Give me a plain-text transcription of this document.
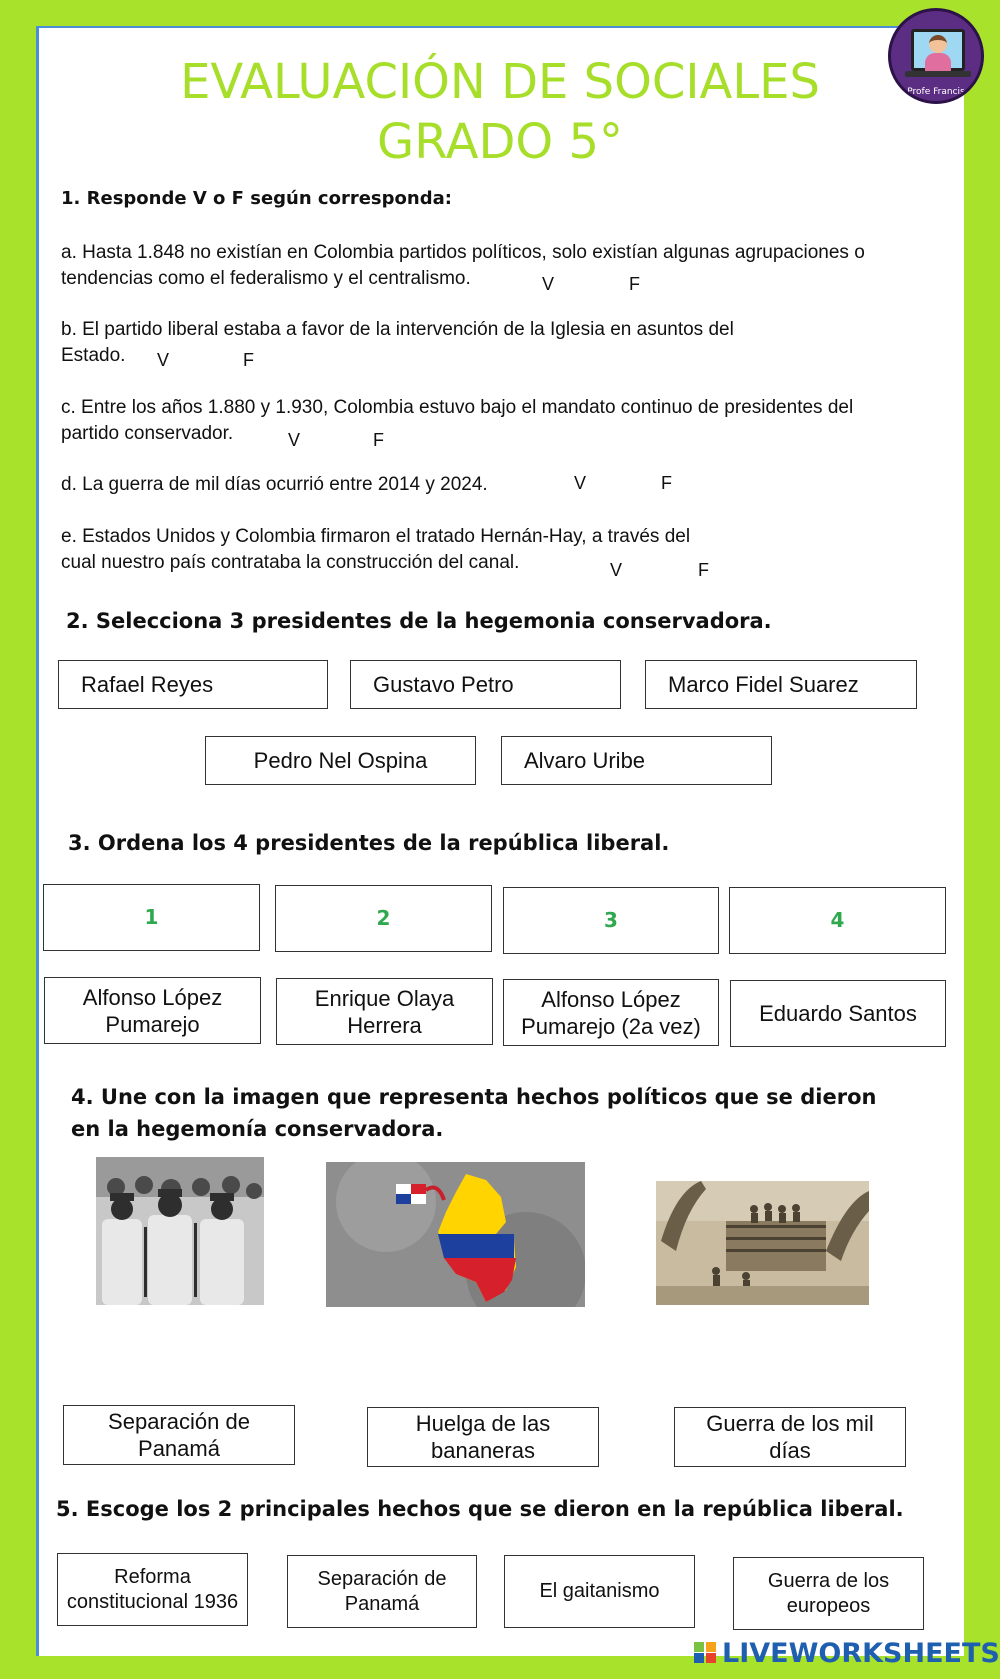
EVALUACIÓN DE SOCIALES
GRADO 5°
Profe Francis
1. Responde V o F según corresponda:
a. Hasta 1.848 no existían en Colombia partidos políticos, solo existían algunas agrupaciones o
tendencias como el federalismo y el centralismo.	V	F
b. El partido liberal estaba a favor de la intervención de la Iglesia en asuntos del
Estado. V	F
c. Entre los años 1.880 y 1.930, Colombia estuvo bajo el mandato continuo de presidentes del
partido conservador.	V	F
d. La guerra de mil días ocurrió entre 2014 y 2024.	V	F
e. Estados Unidos y Colombia firmaron el tratado Hernán-Hay, a través del
cual nuestro país contrataba la construcción del canal.	V	F
2. Selecciona 3 presidentes de la hegemonia conservadora.
Rafael Reyes	Gustavo Petro	Marco Fidel Suarez
Pedro Nel Ospina	Alvaro Uribe
3. Ordena los 4 presidentes de la república liberal.
1	2	3	4
Alfonso López
Pumarejo
Enrique Olaya
Herrera
Alfonso López
Pumarejo (2a vez)	Eduardo Santos
4. Une con la imagen que representa hechos políticos que se dieron
en la hegemonía conservadora.
Separación de
Panamá
Huelga de las
bananeras
Guerra de los mil
días
5. Escoge los 2 principales hechos que se dieron en la república liberal.
Reforma
constitucional 1936
Separación de
Panamá
El gaitanismo	Guerra de los
europeos
LIVEWORKSHEETS
